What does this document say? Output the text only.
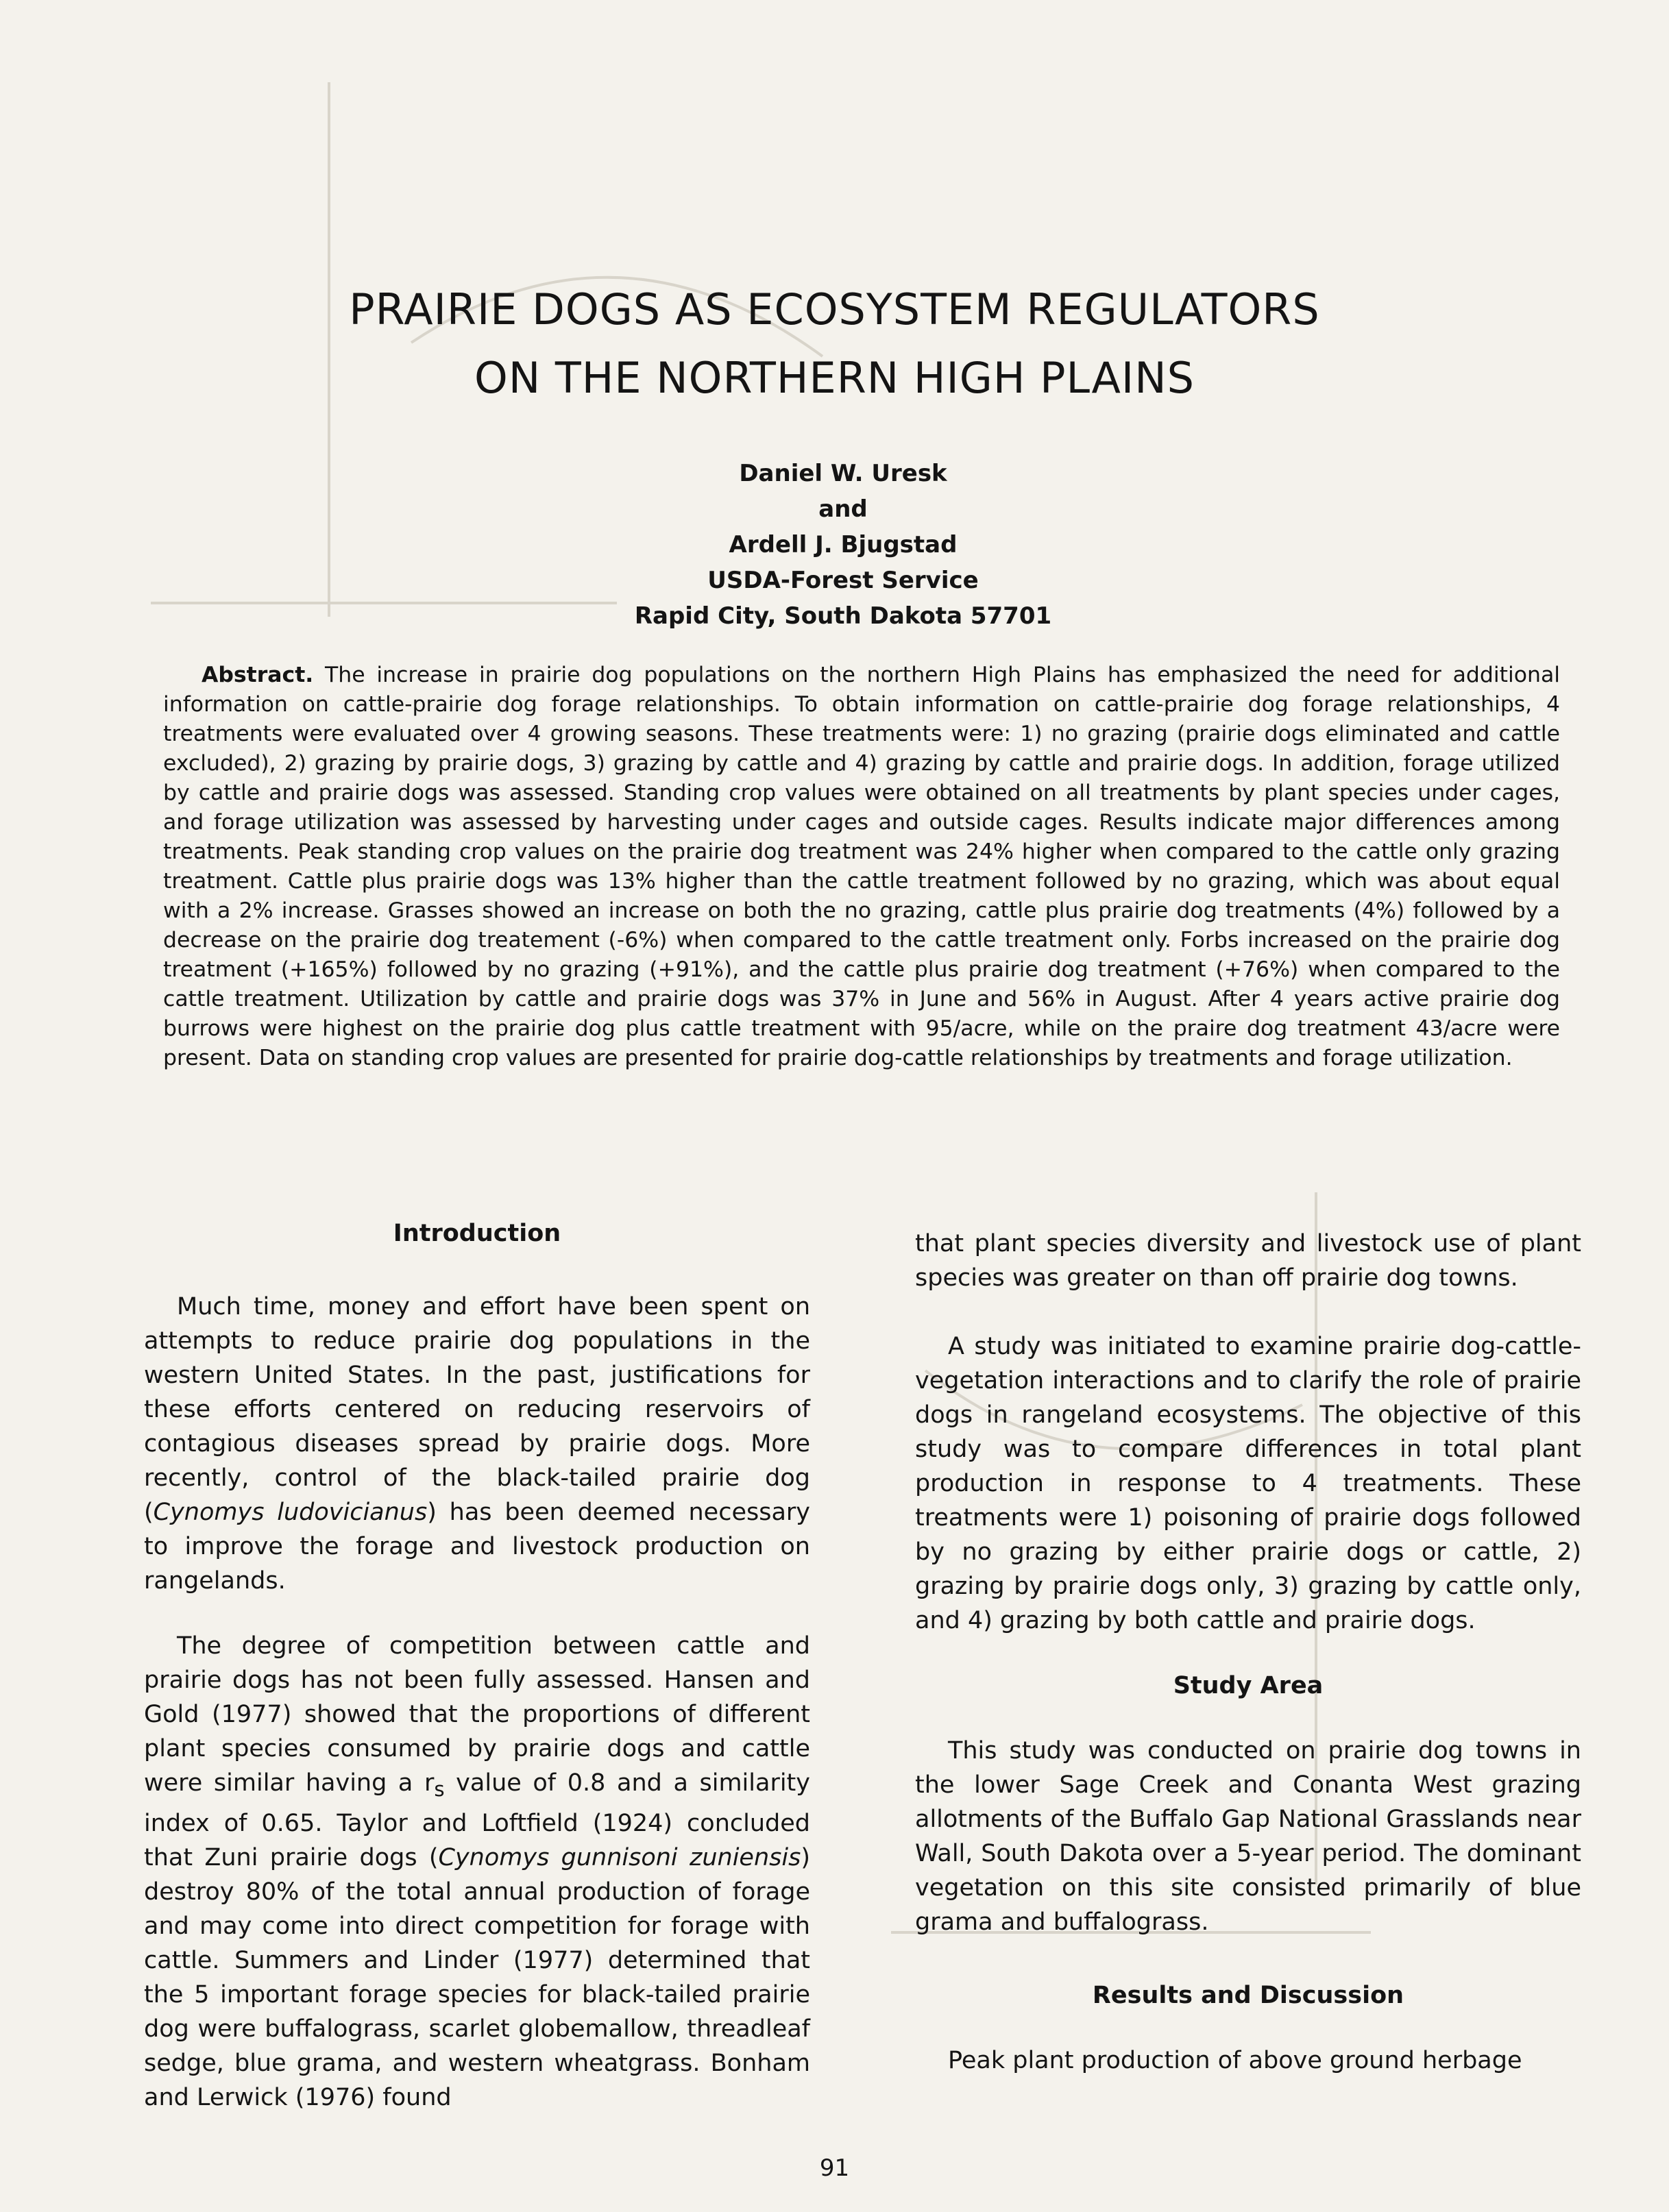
PRAIRIE DOGS AS ECOSYSTEM REGULATORS
ON THE NORTHERN HIGH PLAINS
Daniel W. Uresk
and
Ardell J. Bjugstad
USDA-Forest Service
Rapid City, South Dakota 57701

Abstract. The increase in prairie dog populations on the northern High Plains has emphasized the need for additional information on cattle-prairie dog forage relationships. To obtain information on cattle-prairie dog forage relationships, 4 treatments were evaluated over 4 growing seasons. These treatments were: 1) no grazing (prairie dogs eliminated and cattle excluded), 2) grazing by prairie dogs, 3) grazing by cattle and 4) grazing by cattle and prairie dogs. In addition, forage utilized by cattle and prairie dogs was assessed. Standing crop values were obtained on all treatments by plant species under cages, and forage utilization was assessed by harvesting under cages and outside cages. Results indicate major differences among treatments. Peak standing crop values on the prairie dog treatment was 24% higher when compared to the cattle only grazing treatment. Cattle plus prairie dogs was 13% higher than the cattle treatment followed by no grazing, which was about equal with a 2% increase. Grasses showed an increase on both the no grazing, cattle plus prairie dog treatments (4%) followed by a decrease on the prairie dog treatement (-6%) when compared to the cattle treatment only. Forbs increased on the prairie dog treatment (+165%) followed by no grazing (+91%), and the cattle plus prairie dog treatment (+76%) when compared to the cattle treatment. Utilization by cattle and prairie dogs was 37% in June and 56% in August. After 4 years active prairie dog burrows were highest on the prairie dog plus cattle treatment with 95/acre, while on the praire dog treatment 43/acre were present. Data on standing crop values are presented for prairie dog-cattle relationships by treatments and forage utilization.

Introduction

Much time, money and effort have been spent on attempts to reduce prairie dog populations in the western United States. In the past, justifications for these efforts centered on reducing reservoirs of contagious diseases spread by prairie dogs. More recently, control of the black-tailed prairie dog (Cynomys ludovicianus) has been deemed necessary to improve the forage and livestock production on rangelands.

The degree of competition between cattle and prairie dogs has not been fully assessed. Hansen and Gold (1977) showed that the proportions of different plant species consumed by prairie dogs and cattle were similar having a $r_s$ value of 0.8 and a similarity index of 0.65. Taylor and Loftfield (1924) concluded that Zuni prairie dogs (Cynomys gunnisoni zuniensis) destroy 80% of the total annual production of forage and may come into direct competition for forage with cattle. Summers and Linder (1977) determined that the 5 important forage species for black-tailed prairie dog were buffalograss, scarlet globemallow, threadleaf sedge, blue grama, and western wheatgrass. Bonham and Lerwick (1976) found

that plant species diversity and livestock use of plant species was greater on than off prairie dog towns.

A study was initiated to examine prairie dog-cattle-vegetation interactions and to clarify the role of prairie dogs in rangeland ecosystems. The objective of this study was to compare differences in total plant production in response to 4 treatments. These treatments were 1) poisoning of prairie dogs followed by no grazing by either prairie dogs or cattle, 2) grazing by prairie dogs only, 3) grazing by cattle only, and 4) grazing by both cattle and prairie dogs.

Study Area

This study was conducted on prairie dog towns in the lower Sage Creek and Conanta West grazing allotments of the Buffalo Gap National Grasslands near Wall, South Dakota over a 5-year period. The dominant vegetation on this site consisted primarily of blue grama and buffalograss.

Results and Discussion

Peak plant production of above ground herbage

91
